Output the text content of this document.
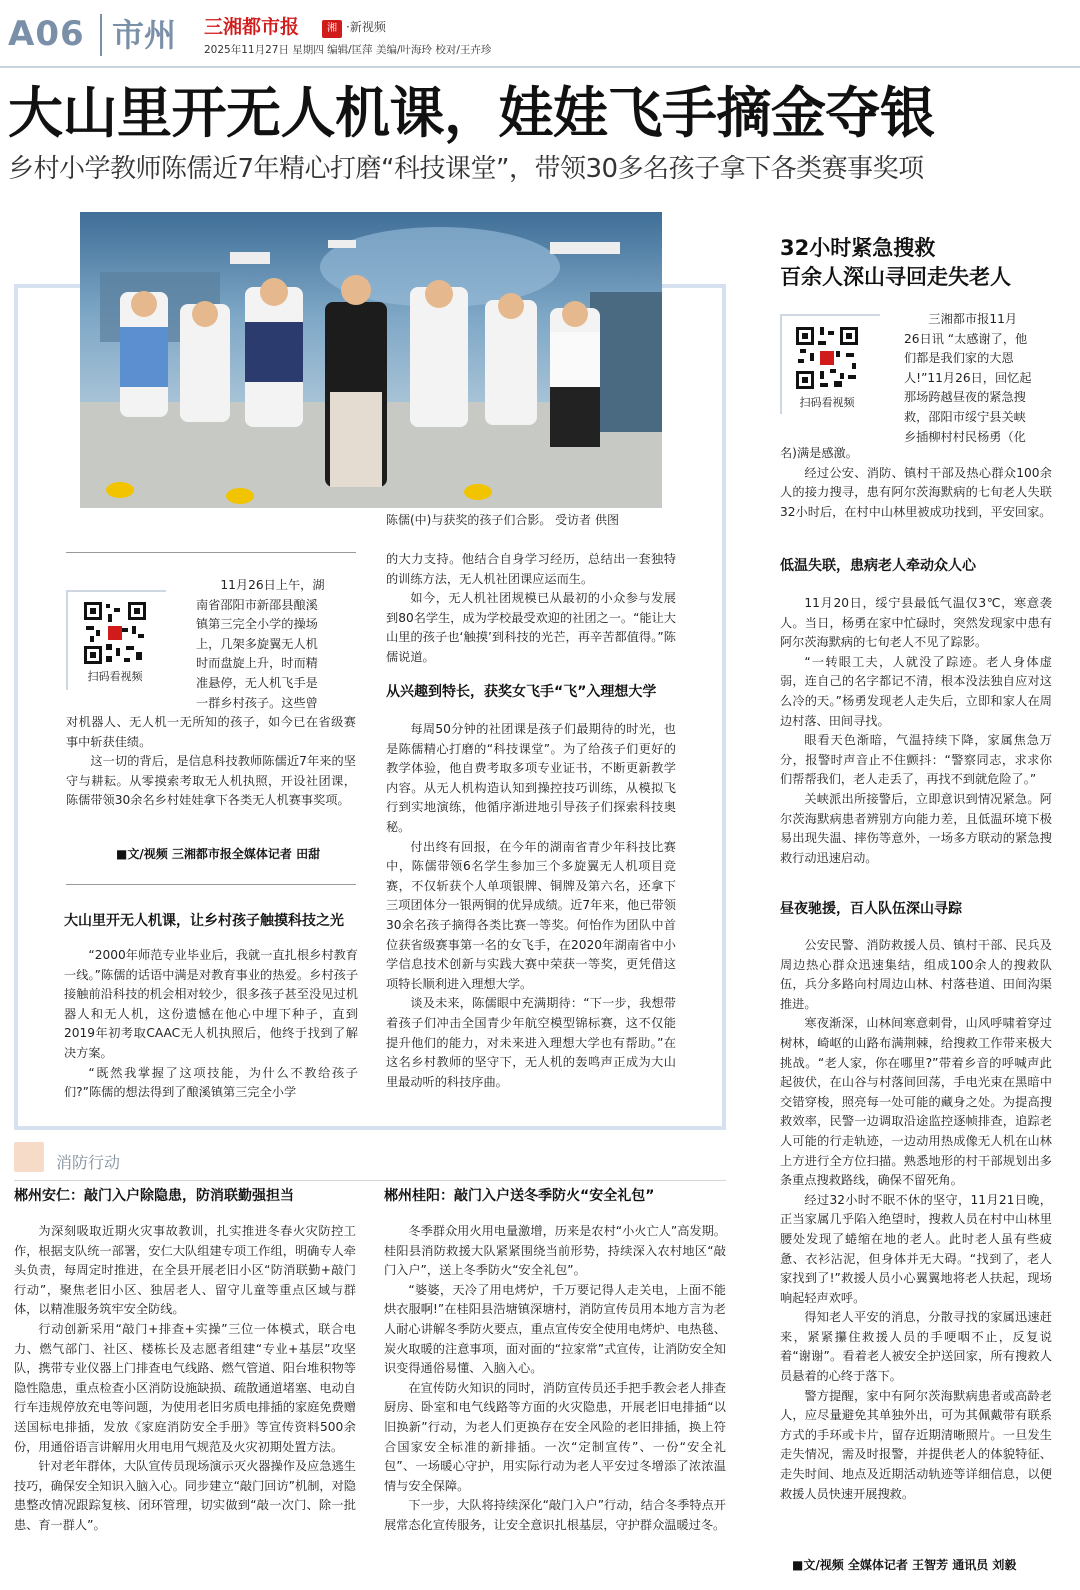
A06 市州 三湘都市报	湘 ·新视频
2025年11月27日 星期四 编辑/匡萍 美编/叶海玲 校对/王卉珍
大山里开无人机课，娃娃飞手摘金夺银
乡村小学教师陈儒近7年精心打磨“科技课堂”，带领30多名孩子拿下各类赛事奖项
陈儒(中)与获奖的孩子们合影。 受访者 供图
扫码看视频
11月26日上午，湖
南省邵阳市新邵县酿溪
镇第三完全小学的操场
上，几架多旋翼无人机
时而盘旋上升，时而精
准悬停，无人机飞手是
一群乡村孩子。这些曾
对机器人、无人机一无所知的孩子，如今已在省级赛事中斩获佳绩。

这一切的背后，是信息科技教师陈儒近7年来的坚守与耕耘。从零摸索考取无人机执照，开设社团课，陈儒带领30余名乡村娃娃拿下各类无人机赛事奖项。

■文/视频 三湘都市报全媒体记者 田甜
大山里开无人机课，让乡村孩子触摸科技之光

“2000年师范专业毕业后，我就一直扎根乡村教育一线。”陈儒的话语中满是对教育事业的热爱。乡村孩子接触前沿科技的机会相对较少，很多孩子甚至没见过机器人和无人机，这份遗憾在他心中埋下种子，直到2019年初考取CAAC无人机执照后，他终于找到了解决方案。

“既然我掌握了这项技能，为什么不教给孩子们?”陈儒的想法得到了酿溪镇第三完全小学

的大力支持。他结合自身学习经历，总结出一套独特的训练方法，无人机社团课应运而生。

如今，无人机社团规模已从最初的小众参与发展到80名学生，成为学校最受欢迎的社团之一。“能让大山里的孩子也‘触摸’到科技的光芒，再辛苦都值得。”陈儒说道。

从兴趣到特长，获奖女飞手“飞”入理想大学

每周50分钟的社团课是孩子们最期待的时光，也是陈儒精心打磨的“科技课堂”。为了给孩子们更好的教学体验，他自费考取多项专业证书，不断更新教学内容。从无人机构造认知到操控技巧训练，从模拟飞行到实地演练，他循序渐进地引导孩子们探索科技奥秘。

付出终有回报，在今年的湖南省青少年科技比赛中，陈儒带领6名学生参加三个多旋翼无人机项目竞赛，不仅斩获个人单项银牌、铜牌及第六名，还拿下三项团体分一银两铜的优异成绩。近7年来，他已带领30余名孩子摘得各类比赛一等奖。何怡作为团队中首位获省级赛事第一名的女飞手，在2020年湖南省中小学信息技术创新与实践大赛中荣获一等奖，更凭借这项特长顺利进入理想大学。

谈及未来，陈儒眼中充满期待：“下一步，我想带着孩子们冲击全国青少年航空模型锦标赛，这不仅能提升他们的能力，对未来进入理想大学也有帮助。”在这名乡村教师的坚守下，无人机的轰鸣声正成为大山里最动听的科技序曲。

32小时紧急搜救
百余人深山寻回走失老人
扫码看视频
三湘都市报11月
26日讯 “太感谢了，他
们都是我们家的大恩
人!”11月26日，回忆起
那场跨越昼夜的紧急搜
救，邵阳市绥宁县关峡
乡插柳村村民杨勇（化
名)满是感激。

经过公安、消防、镇村干部及热心群众100余人的接力搜寻，患有阿尔茨海默病的七旬老人失联32小时后，在村中山林里被成功找到，平安回家。

低温失联，患病老人牵动众人心

11月20日，绥宁县最低气温仅3℃，寒意袭人。当日，杨勇在家中忙碌时，突然发现家中患有阿尔茨海默病的七旬老人不见了踪影。

“一转眼工夫，人就没了踪迹。老人身体虚弱，连自己的名字都记不清，根本没法独自应对这么冷的天。”杨勇发现老人走失后，立即和家人在周边村落、田间寻找。

眼看天色渐暗，气温持续下降，家属焦急万分，报警时声音止不住颤抖：“警察同志，求求你们帮帮我们，老人走丢了，再找不到就危险了。”

关峡派出所接警后，立即意识到情况紧急。阿尔茨海默病患者辨别方向能力差，且低温环境下极易出现失温、摔伤等意外，一场多方联动的紧急搜救行动迅速启动。

昼夜驰援，百人队伍深山寻踪

公安民警、消防救援人员、镇村干部、民兵及周边热心群众迅速集结，组成100余人的搜救队伍，兵分多路向村周边山林、村落巷道、田间沟渠推进。

寒夜渐深，山林间寒意刺骨，山风呼啸着穿过树林，崎岖的山路布满荆棘，给搜救工作带来极大挑战。“老人家，你在哪里?”带着乡音的呼喊声此起彼伏，在山谷与村落间回荡，手电光束在黑暗中交错穿梭，照亮每一处可能的藏身之处。为提高搜救效率，民警一边调取沿途监控逐帧排查，追踪老人可能的行走轨迹，一边动用热成像无人机在山林上方进行全方位扫描。熟悉地形的村干部规划出多条重点搜救路线，确保不留死角。

经过32小时不眠不休的坚守，11月21日晚，正当家属几乎陷入绝望时，搜救人员在村中山林里腰处发现了蜷缩在地的老人。此时老人虽有些疲惫、衣衫沾泥，但身体并无大碍。“找到了，老人家找到了!”救援人员小心翼翼地将老人扶起，现场响起轻声欢呼。

得知老人平安的消息，分散寻找的家属迅速赶来，紧紧攥住救援人员的手哽咽不止，反复说着“谢谢”。看着老人被安全护送回家，所有搜救人员悬着的心终于落下。

警方提醒，家中有阿尔茨海默病患者或高龄老人，应尽量避免其单独外出，可为其佩戴带有联系方式的手环或卡片，留存近期清晰照片。一旦发生走失情况，需及时报警，并提供老人的体貌特征、走失时间、地点及近期活动轨迹等详细信息，以便救援人员快速开展搜救。

■文/视频 全媒体记者 王智芳 通讯员 刘毅
消防行动
郴州安仁：敲门入户除隐患，防消联勤强担当

为深刻吸取近期火灾事故教训，扎实推进冬春火灾防控工作，根据支队统一部署，安仁大队组建专项工作组，明确专人牵头负责，每周定时推进，在全县开展老旧小区“防消联勤+敲门行动”，聚焦老旧小区、独居老人、留守儿童等重点区域与群体，以精准服务筑牢安全防线。

行动创新采用“敲门+排查+实操”三位一体模式，联合电力、燃气部门、社区、楼栋长及志愿者组建“专业+基层”攻坚队，携带专业仪器上门排查电气线路、燃气管道、阳台堆积物等隐性隐患，重点检查小区消防设施缺损、疏散通道堵塞、电动自行车违规停放充电等问题，为使用老旧劣质电排插的家庭免费赠送国标电排插，发放《家庭消防安全手册》等宣传资料500余份，用通俗语言讲解用火用电用气规范及火灾初期处置方法。

针对老年群体，大队宣传员现场演示灭火器操作及应急逃生技巧，确保安全知识入脑入心。同步建立“敲门回访”机制，对隐患整改情况跟踪复核、闭环管理，切实做到“敲一次门、除一批患、育一群人”。

郴州桂阳：敲门入户送冬季防火“安全礼包”

冬季群众用火用电量激增，历来是农村“小火亡人”高发期。桂阳县消防救援大队紧紧围绕当前形势，持续深入农村地区“敲门入户”，送上冬季防火“安全礼包”。

“婆婆，天冷了用电烤炉，千万要记得人走关电，上面不能烘衣服啊!”在桂阳县浩塘镇深塘村，消防宣传员用本地方言为老人耐心讲解冬季防火要点，重点宣传安全使用电烤炉、电热毯、炭火取暖的注意事项，面对面的“拉家常”式宣传，让消防安全知识变得通俗易懂、入脑入心。

在宣传防火知识的同时，消防宣传员还手把手教会老人排查厨房、卧室和电气线路等方面的火灾隐患，开展老旧电排插“以旧换新”行动，为老人们更换存在安全风险的老旧排插，换上符合国家安全标准的新排插。一次“定制宣传”、一份“安全礼包”、一场暖心守护，用实际行动为老人平安过冬增添了浓浓温情与安全保障。

下一步，大队将持续深化“敲门入户”行动，结合冬季特点开展常态化宣传服务，让安全意识扎根基层，守护群众温暖过冬。
